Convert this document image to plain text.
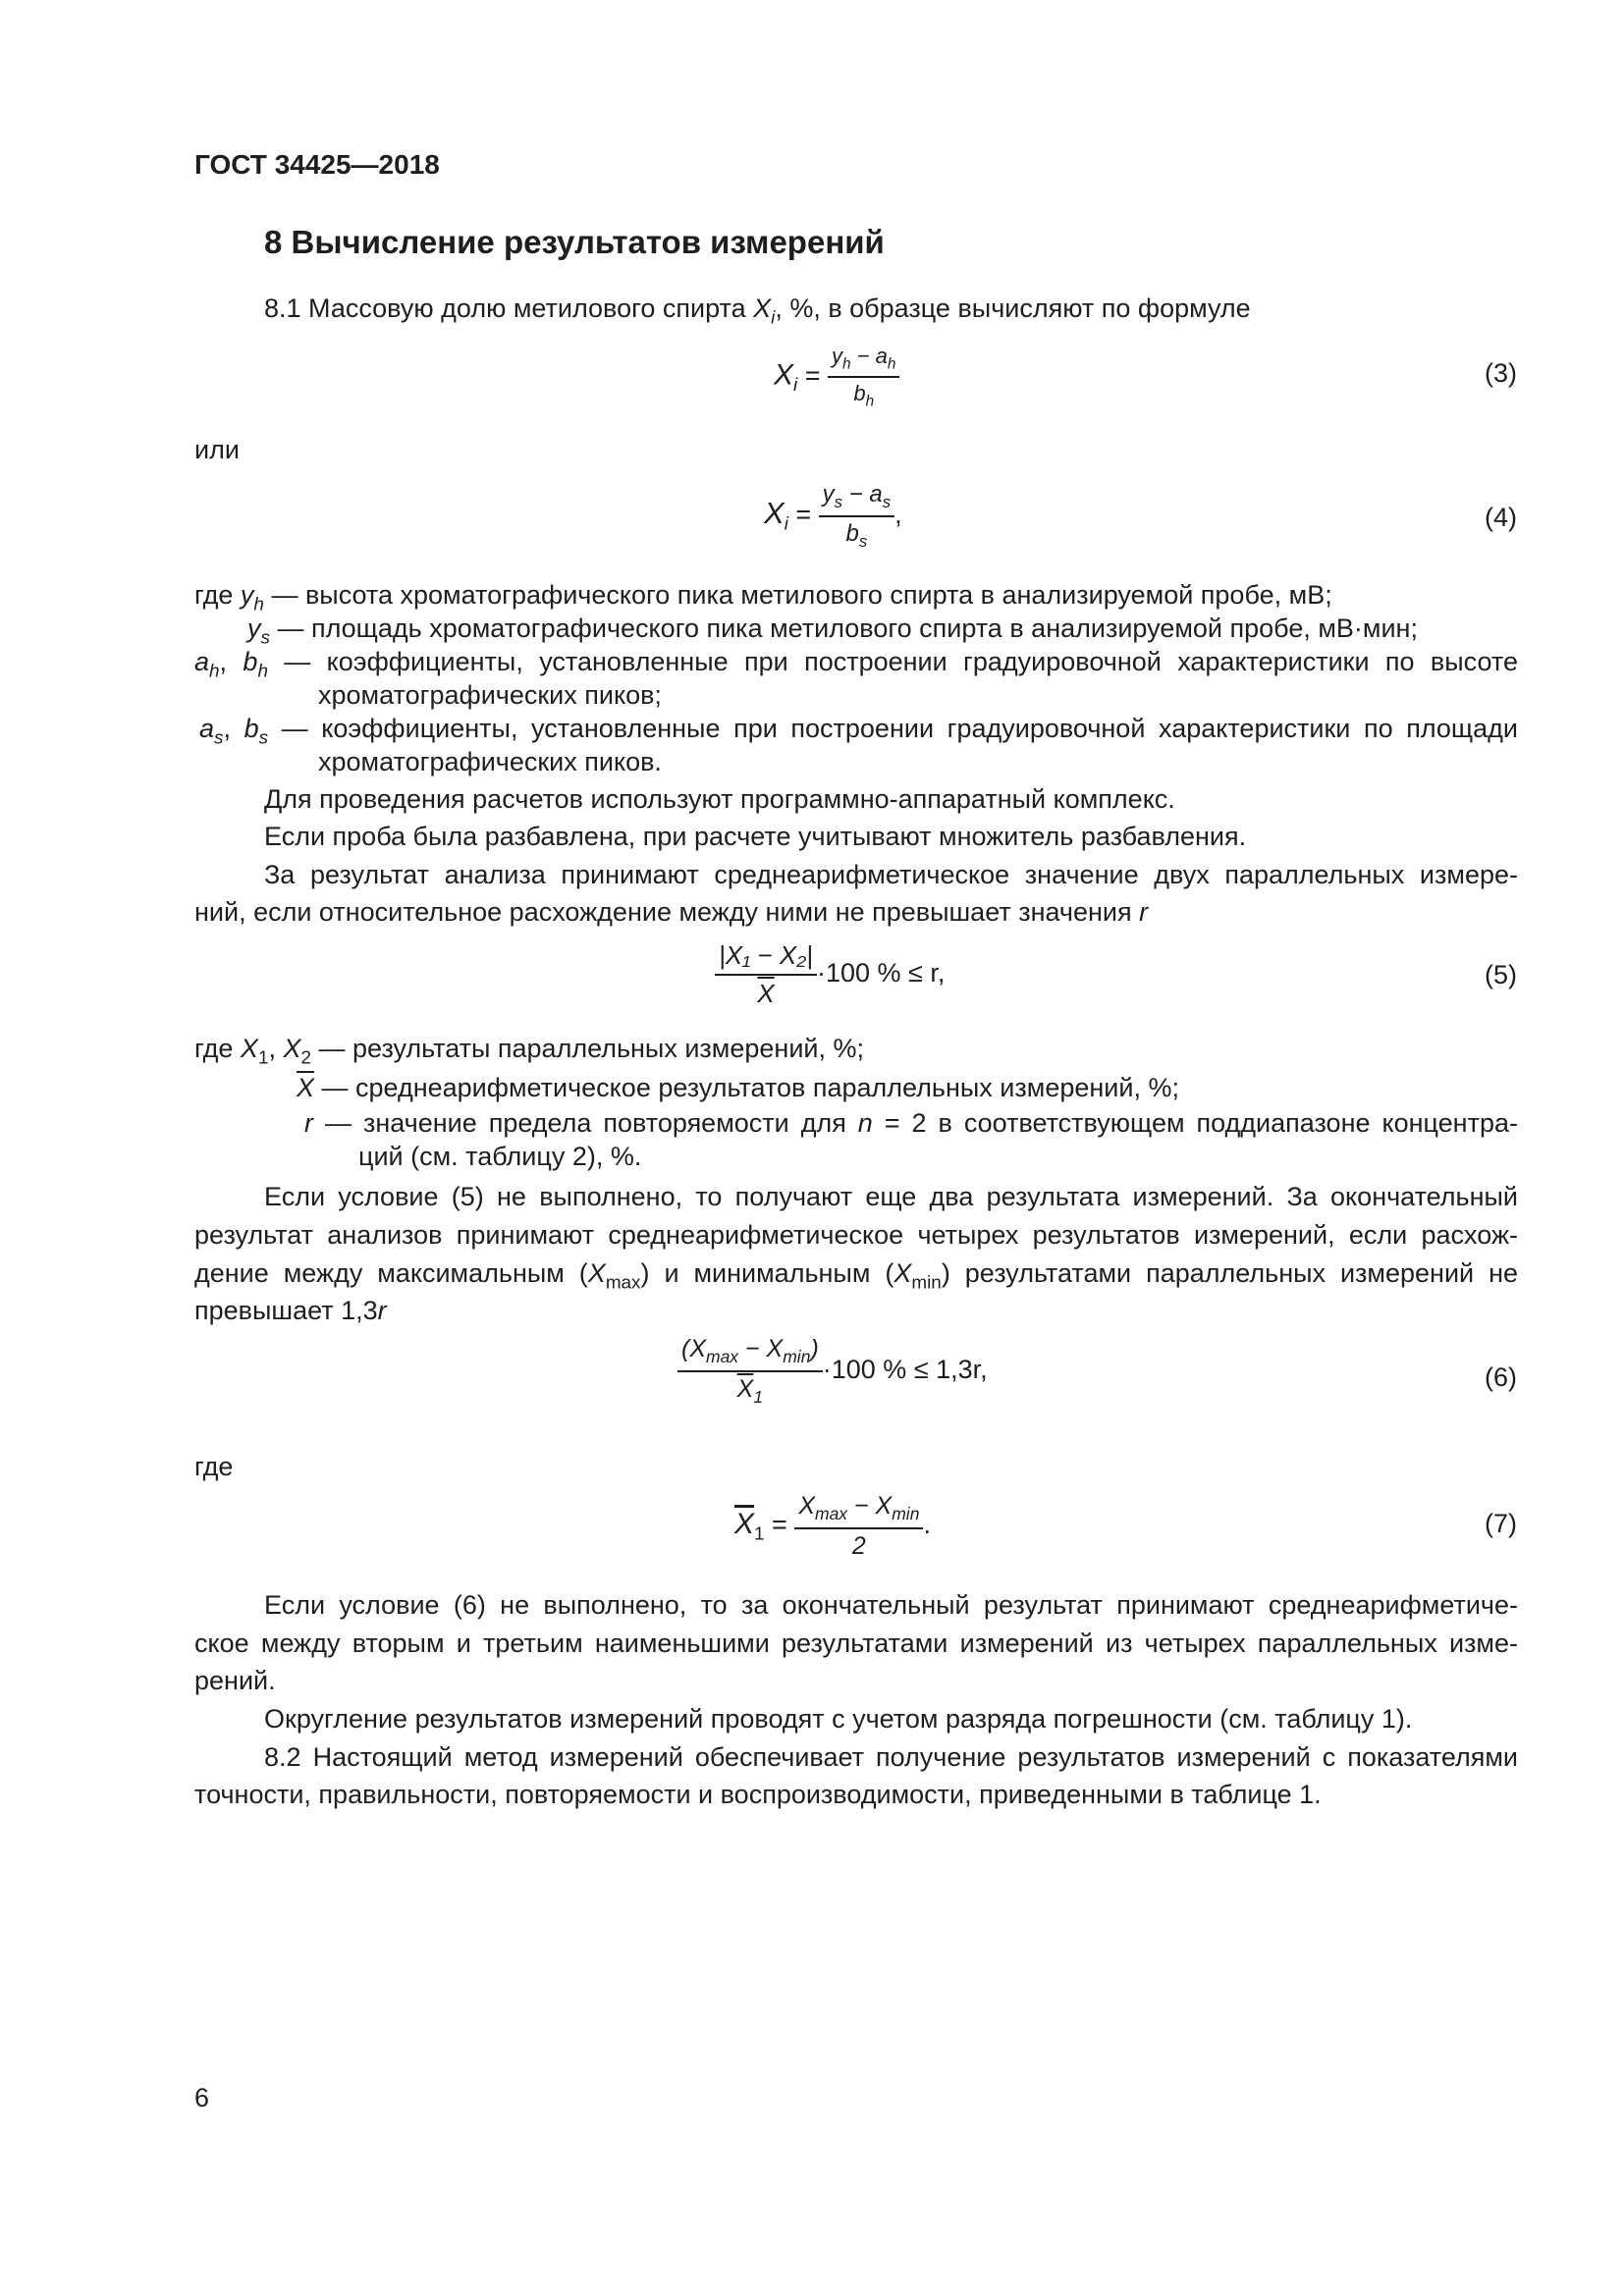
ГОСТ 34425—2018
8 Вычисление результатов измерений
8.1 Массовую долю метилового спирта $X_i$, %, в образце вычисляют по формуле
$X_i = \frac{y_h - a_h}{b_h}$	(3)
или
$X_i = \frac{y_s - a_s}{b_s}$ ,	(4)
где $y_h$ — высота хроматографического пика метилового спирта в анализируемой пробе, мВ;
$y_s$ — площадь хроматографического пика метилового спирта в анализируемой пробе, мВ·мин;
$a_h$, $b_h$ — коэффициенты, установленные при построении градуировочной характеристики по высоте
хроматографических пиков;
$a_s$, $b_s$ — коэффициенты, установленные при построении градуировочной характеристики по площади
хроматографических пиков.
Для проведения расчетов используют программно-аппаратный комплекс.
Если проба была разбавлена, при расчете учитывают множитель разбавления.
За результат анализа принимают среднеарифметическое значение двух параллельных измере-
ний, если относительное расхождение между ними не превышает значения r
$\frac{\text{|X₁ − X₂|}}{X} \cdot 100$ % ≤ r,	(5)
где $X_1$, $X_2$ — результаты параллельных измерений, %;
$\overline{X}$ — среднеарифметическое результатов параллельных измерений, %;
r — значение предела повторяемости для n = 2 в соответствующем поддиапазоне концентра-
ций (см. таблицу 2), %.
Если условие (5) не выполнено, то получают еще два результата измерений. За окончательный
результат анализов принимают среднеарифметическое четырех результатов измерений, если расхож-
дение между максимальным $(X_{max})$ и минимальным $(X_{min})$ результатами параллельных измерений не
превышает 1,3r
$\frac{(X_{max} - X_{min})}{\overline{X}_1} \cdot 100$ % ≤ 1,3r,	(6)
где
$\overline{X}_1 = \frac{X_{max} - X_{min}}{2}$ .	(7)
Если условие (6) не выполнено, то за окончательный результат принимают среднеарифметиче-
ское между вторым и третьим наименьшими результатами измерений из четырех параллельных изме-
рений.
Округление результатов измерений проводят с учетом разряда погрешности (см. таблицу 1).
8.2 Настоящий метод измерений обеспечивает получение результатов измерений с показателями
точности, правильности, повторяемости и воспроизводимости, приведенными в таблице 1.
6
